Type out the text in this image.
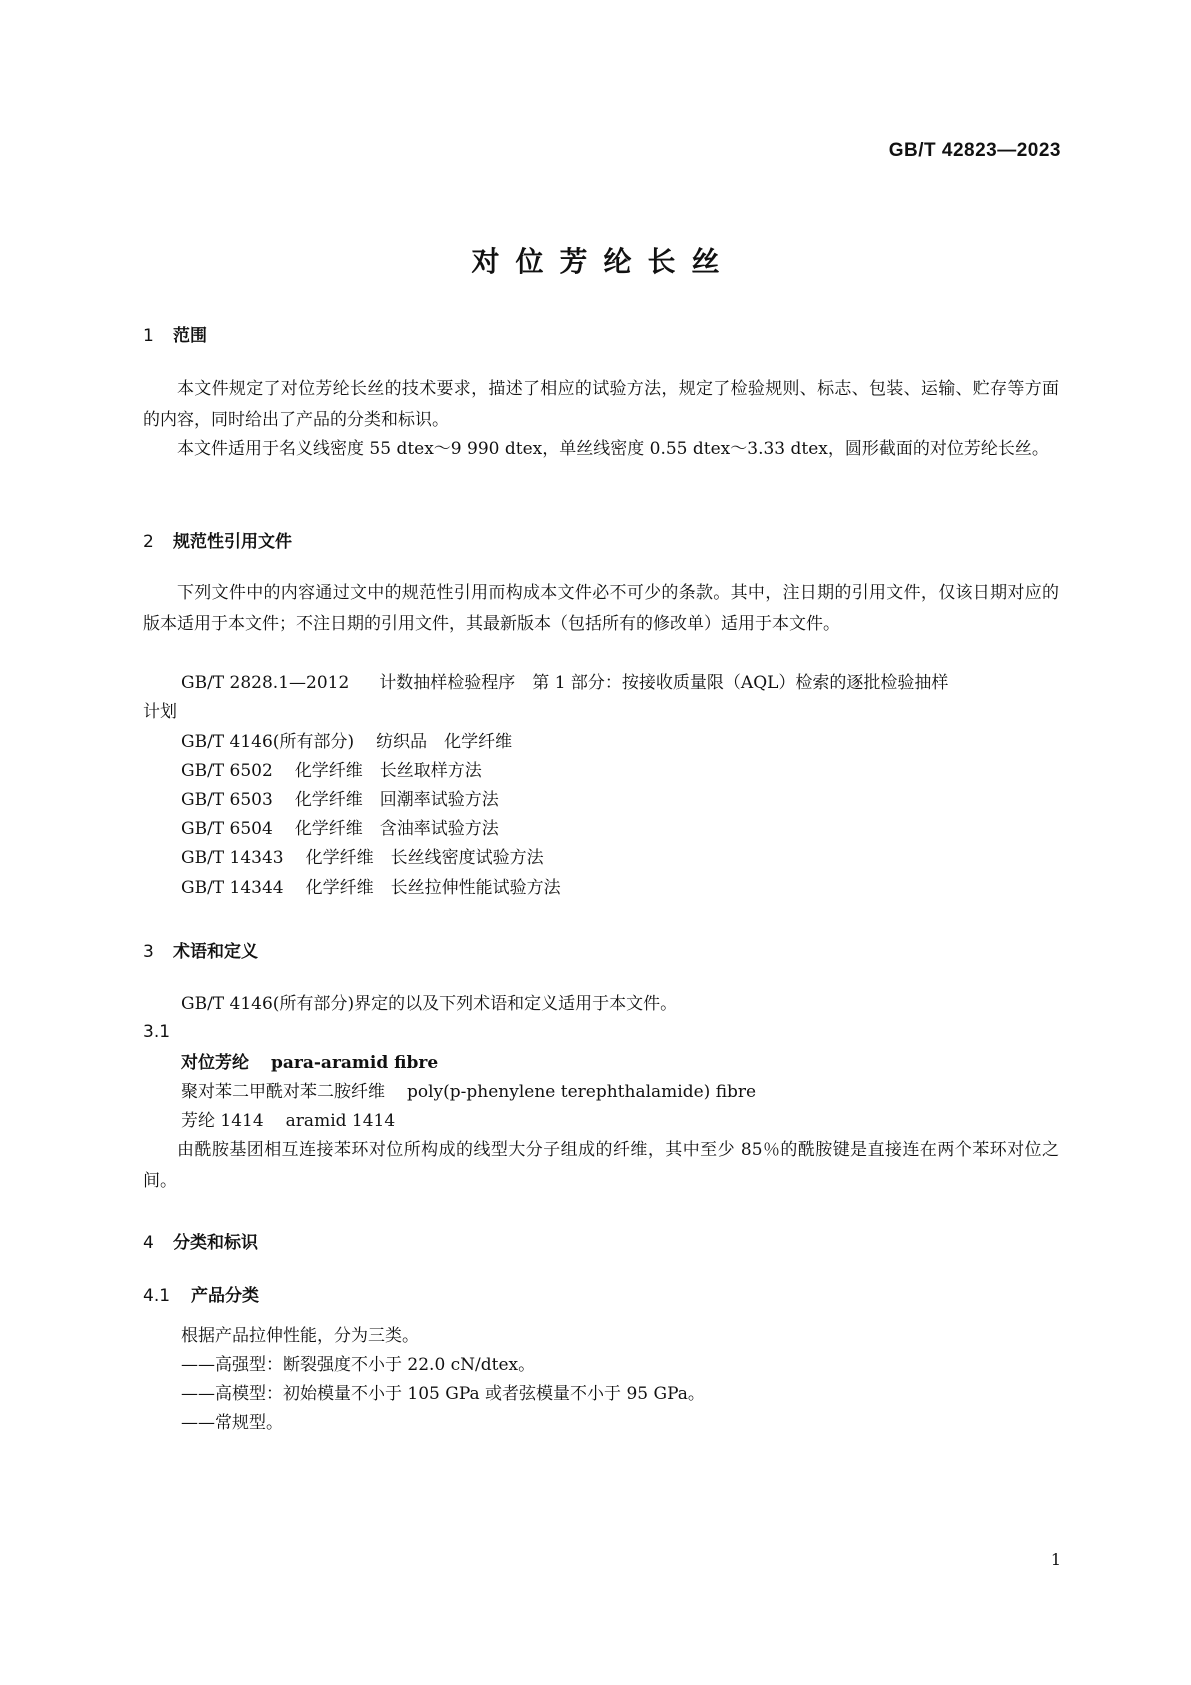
GB/T 42823—2023
对位芳纶长丝
1 范围
本文件规定了对位芳纶长丝的技术要求，描述了相应的试验方法，规定了检验规则、标志、包装、运输、贮存等方面的内容，同时给出了产品的分类和标识。
本文件适用于名义线密度 55 dtex～9 990 dtex，单丝线密度 0.55 dtex～3.33 dtex，圆形截面的对位芳纶长丝。
2 规范性引用文件
下列文件中的内容通过文中的规范性引用而构成本文件必不可少的条款。其中，注日期的引用文件，仅该日期对应的版本适用于本文件；不注日期的引用文件，其最新版本（包括所有的修改单）适用于本文件。
GB/T 2828.1—2012 计数抽样检验程序　第 1 部分：按接收质量限（AQL）检索的逐批检验抽样
计划
GB/T 4146(所有部分) 纺织品　化学纤维
GB/T 6502 化学纤维　长丝取样方法
GB/T 6503 化学纤维　回潮率试验方法
GB/T 6504 化学纤维　含油率试验方法
GB/T 14343 化学纤维　长丝线密度试验方法
GB/T 14344 化学纤维　长丝拉伸性能试验方法
3 术语和定义
GB/T 4146(所有部分)界定的以及下列术语和定义适用于本文件。
3.1
对位芳纶 para-aramid fibre
聚对苯二甲酰对苯二胺纤维 poly(p-phenylene terephthalamide) fibre
芳纶 1414 aramid 1414
由酰胺基团相互连接苯环对位所构成的线型大分子组成的纤维，其中至少 85％的酰胺键是直接连在两个苯环对位之间。
4 分类和标识
4.1 产品分类
根据产品拉伸性能，分为三类。
——高强型：断裂强度不小于 22.0 cN/dtex。
——高模型：初始模量不小于 105 GPa 或者弦模量不小于 95 GPa。
——常规型。
1
